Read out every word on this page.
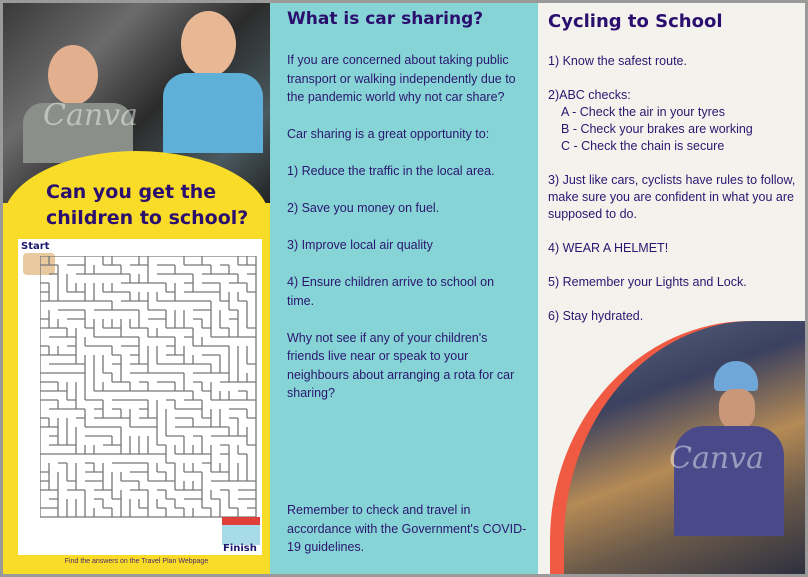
Canva
Can you get the children to school?
Start
Finish
Find the answers on the Travel Plan Webpage
What is car sharing?

If you are concerned about taking public transport or walking independently due to the pandemic world why not car share?

Car sharing is a great opportunity to:

1) Reduce the traffic in the local area.

2) Save you money on fuel.

3) Improve local air quality

4) Ensure children arrive to school on time.

Why not see if any of your children's friends live near or speak to your neighbours about arranging a rota for car sharing?

Remember to check and travel in accordance with the Government's COVID-19 guidelines.

Cycling to School

1) Know the safest route.

2)ABC checks:
A - Check the air in your tyres
B - Check your brakes are working
C - Check the chain is secure

3) Just like cars, cyclists have rules to follow, make sure you are confident in what you are supposed to do.

4) WEAR A HELMET!

5) Remember your Lights and Lock.

6) Stay hydrated.

Canva
